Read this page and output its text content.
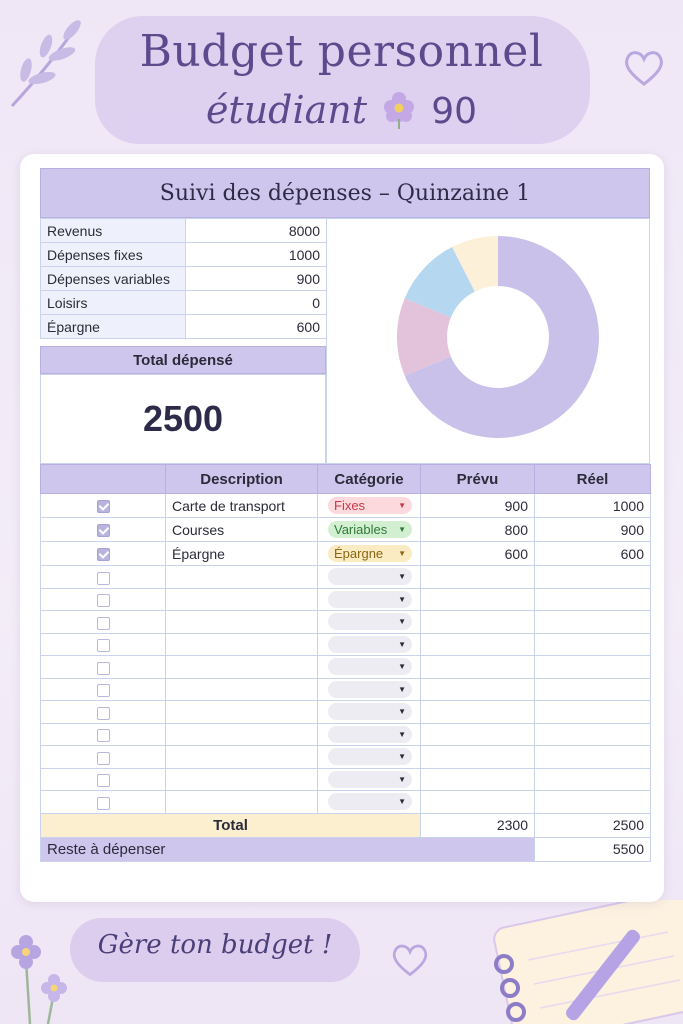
Budget personnel
étudiant 90
Suivi des dépenses – Quinzaine 1
Revenus	8000
Dépenses fixes	1000
Dépenses variables	900
Loisirs	0
Épargne	600
Total dépensé
2500
	Description	Catégorie	Prévu	Réel
	Carte de transport	Fixes ▼	900	1000
	Courses	Variables ▼	800	900
	Épargne	Épargne ▼	600	600

		▼		

		▼		

		▼		

		▼		

		▼		

		▼		

		▼		

		▼		

		▼		

		▼		

		▼		

Total			2300	2500
Reste à dépenser				5500
Gère ton budget !
